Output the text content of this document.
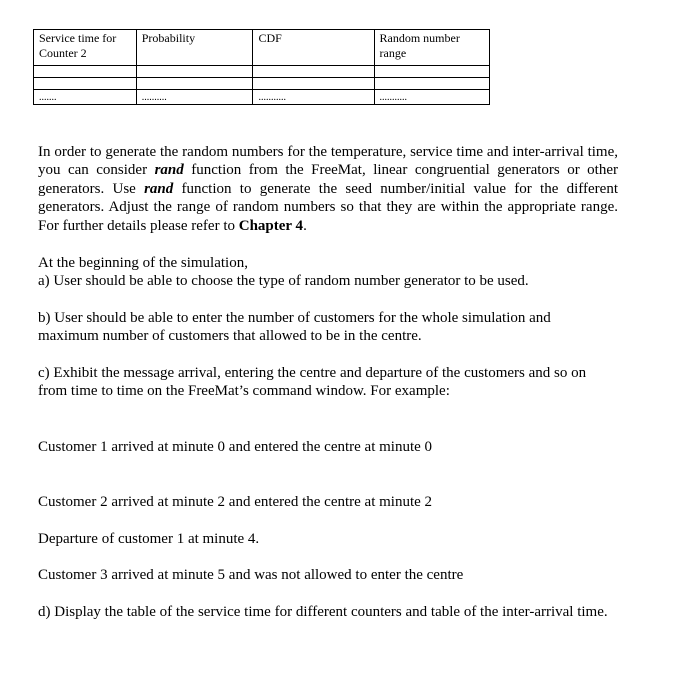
Service time for Counter 2	Probability	CDF	Random number range

.......	..........	...........	...........
In order to generate the random numbers for the temperature, service time and inter-arrival time, you can consider rand function from the FreeMat, linear congruential generators or other generators. Use rand function to generate the seed number/initial value for the different generators. Adjust the range of random numbers so that they are within the appropriate range. For further details please refer to Chapter 4.
At the beginning of the simulation,
a) User should be able to choose the type of random number generator to be used.
b) User should be able to enter the number of customers for the whole simulation and maximum number of customers that allowed to be in the centre.
c) Exhibit the message arrival, entering the centre and departure of the customers and so on from time to time on the FreeMat’s command window. For example:
Customer 1 arrived at minute 0 and entered the centre at minute 0
Customer 2 arrived at minute 2 and entered the centre at minute 2
Departure of customer 1 at minute 4.
Customer 3 arrived at minute 5 and was not allowed to enter the centre
d) Display the table of the service time for different counters and table of the inter-arrival time.
